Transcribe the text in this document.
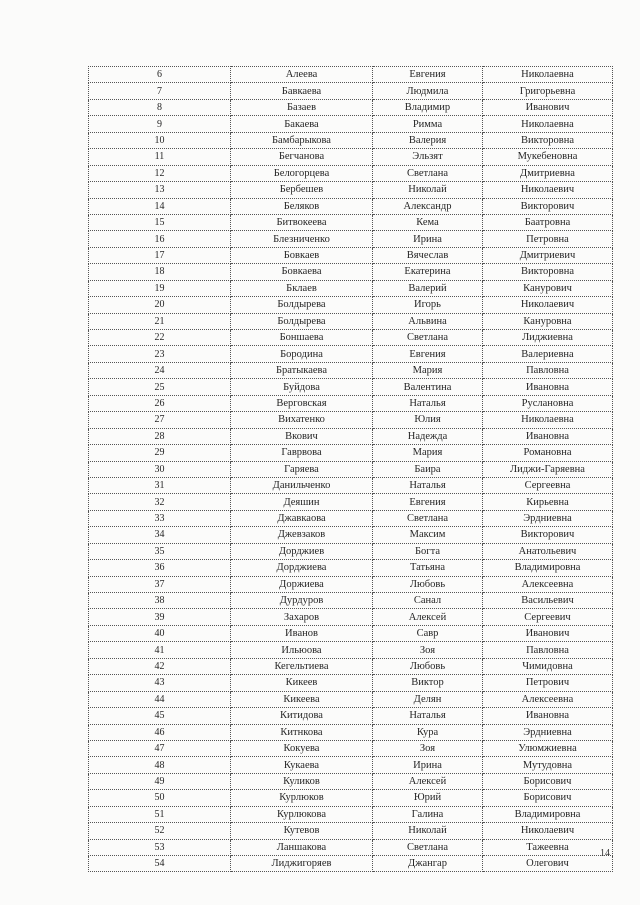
6	Алеева	Евгения	Николаевна
7	Бавкаева	Людмила	Григорьевна
8	Базаев	Владимир	Иванович
9	Бакаева	Римма	Николаевна
10	Бамбарыкова	Валерия	Викторовна
11	Бегчанова	Эльзят	Мукебеновна
12	Белогорцева	Светлана	Дмитриевна
13	Бербешев	Николай	Николаевич
14	Беляков	Александр	Викторович
15	Битвокеева	Кема	Баатровна
16	Блезниченко	Ирина	Петровна
17	Бовкаев	Вячеслав	Дмитриевич
18	Бовкаева	Екатерина	Викторовна
19	Бклаев	Валерий	Канурович
20	Болдырева	Игорь	Николаевич
21	Болдырева	Альвина	Кануровна
22	Боншаева	Светлана	Лиджиевна
23	Бородина	Евгения	Валериевна
24	Братыкаева	Мария	Павловна
25	Буйдова	Валентина	Ивановна
26	Верговская	Наталья	Руслановна
27	Вихатенко	Юлия	Николаевна
28	Вкович	Надежда	Ивановна
29	Гаврвова	Мария	Романовна
30	Гаряева	Баира	Лиджи-Гаряевна
31	Данильченко	Наталья	Сергеевна
32	Деяшин	Евгения	Кирьевна
33	Джавкаова	Светлана	Эрдниевна
34	Джевзаков	Максим	Викторович
35	Дорджиев	Богта	Анатольевич
36	Дорджиева	Татьяна	Владимировна
37	Доржиева	Любовь	Алексеевна
38	Дурдуров	Санал	Васильевич
39	Захаров	Алексей	Сергеевич
40	Иванов	Савр	Иванович
41	Ильюова	Зоя	Павловна
42	Кегельтиева	Любовь	Чимидовна
43	Кикеев	Виктор	Петрович
44	Кикеева	Делян	Алексеевна
45	Китидова	Наталья	Ивановна
46	Китнкова	Кура	Эрдниевна
47	Кокуева	Зоя	Улюмжиевна
48	Кукаева	Ирина	Мутудовна
49	Куликов	Алексей	Борисович
50	Курлюков	Юрий	Борисович
51	Курлюкова	Галина	Владимировна
52	Кутевов	Николай	Николаевич
53	Ланшакова	Светлана	Тажеевна
54	Лиджигоряев	Джангар	Олегович
14
